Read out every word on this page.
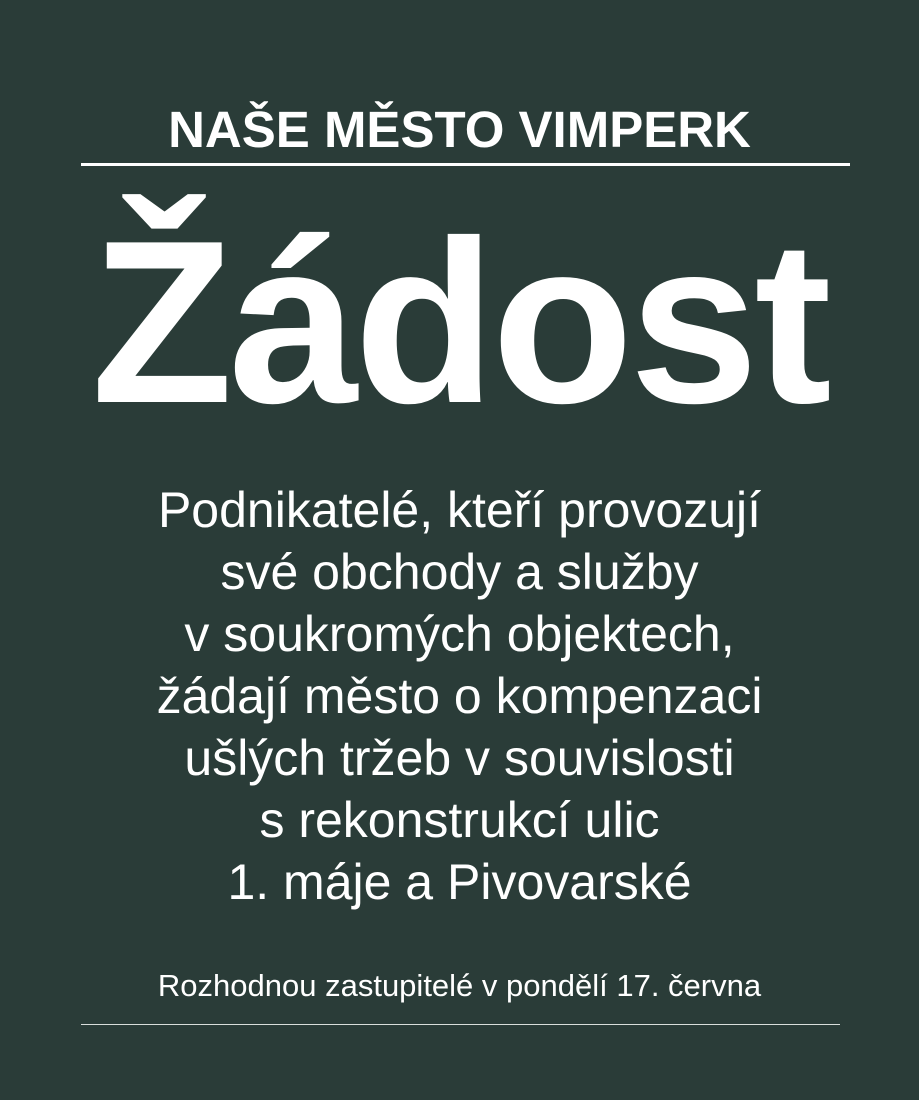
NAŠE MĚSTO VIMPERK
Žádost
Podnikatelé, kteří provozují
své obchody a služby
v soukromých objektech,
žádají město o kompenzaci
ušlých tržeb v souvislosti
s rekonstrukcí ulic
1. máje a Pivovarské
Rozhodnou zastupitelé v pondělí 17. června
